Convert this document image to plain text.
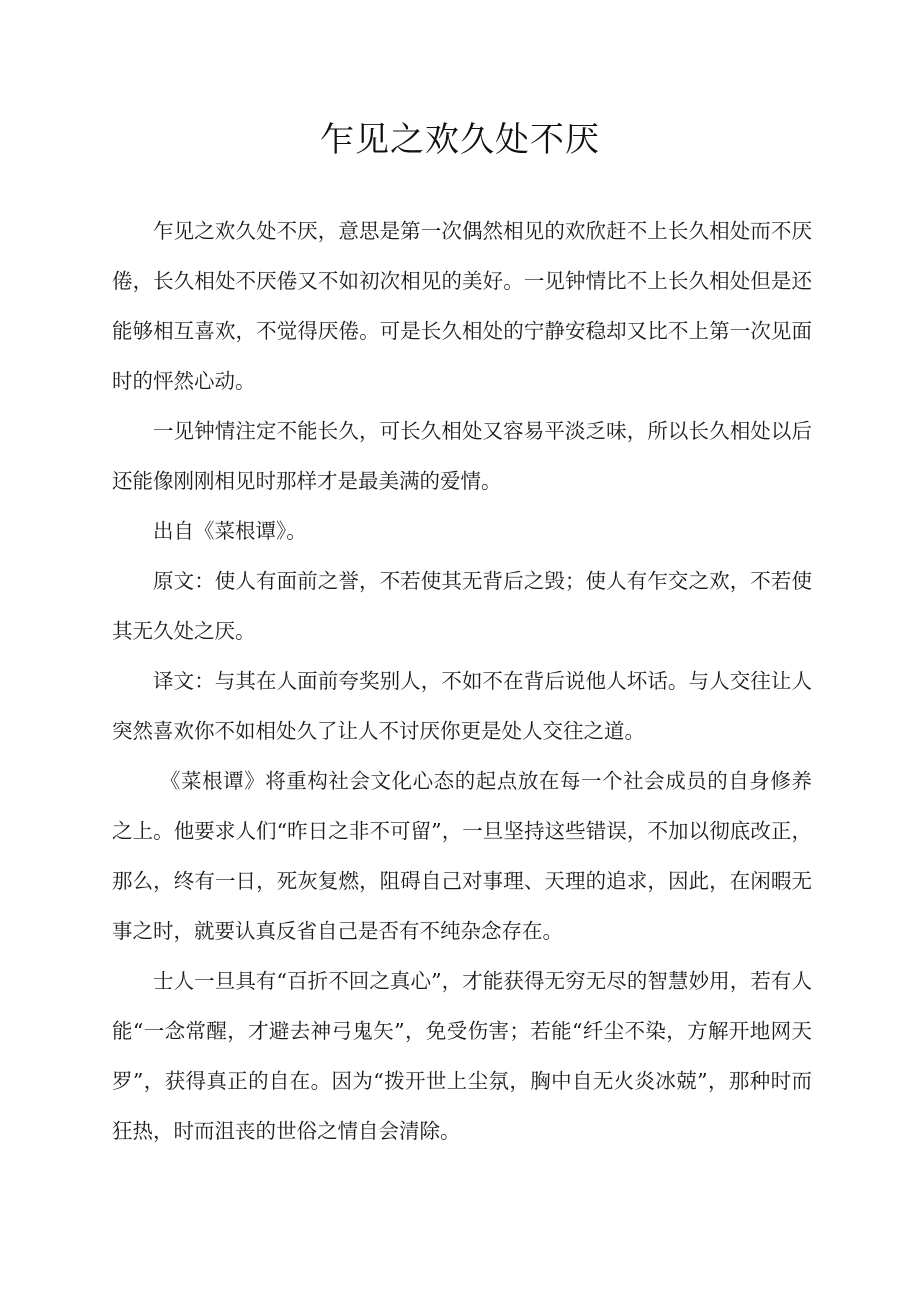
乍见之欢久处不厌

乍见之欢久处不厌，意思是第一次偶然相见的欢欣赶不上长久相处而不厌倦，长久相处不厌倦又不如初次相见的美好。一见钟情比不上长久相处但是还能够相互喜欢，不觉得厌倦。可是长久相处的宁静安稳却又比不上第一次见面时的怦然心动。

一见钟情注定不能长久，可长久相处又容易平淡乏味，所以长久相处以后还能像刚刚相见时那样才是最美满的爱情。

出自《菜根谭》。

原文：使人有面前之誉，不若使其无背后之毁；使人有乍交之欢，不若使其无久处之厌。

译文：与其在人面前夸奖别人，不如不在背后说他人坏话。与人交往让人突然喜欢你不如相处久了让人不讨厌你更是处人交往之道。

《菜根谭》将重构社会文化心态的起点放在每一个社会成员的自身修养之上。他要求人们“昨日之非不可留”，一旦坚持这些错误，不加以彻底改正，那么，终有一日，死灰复燃，阻碍自己对事理、天理的追求，因此，在闲暇无事之时，就要认真反省自己是否有不纯杂念存在。

士人一旦具有“百折不回之真心”，才能获得无穷无尽的智慧妙用，若有人能“一念常醒，才避去神弓鬼矢”，免受伤害；若能“纤尘不染，方解开地网天罗”，获得真正的自在。因为“拨开世上尘氛，胸中自无火炎冰兢”，那种时而狂热，时而沮丧的世俗之情自会清除。
